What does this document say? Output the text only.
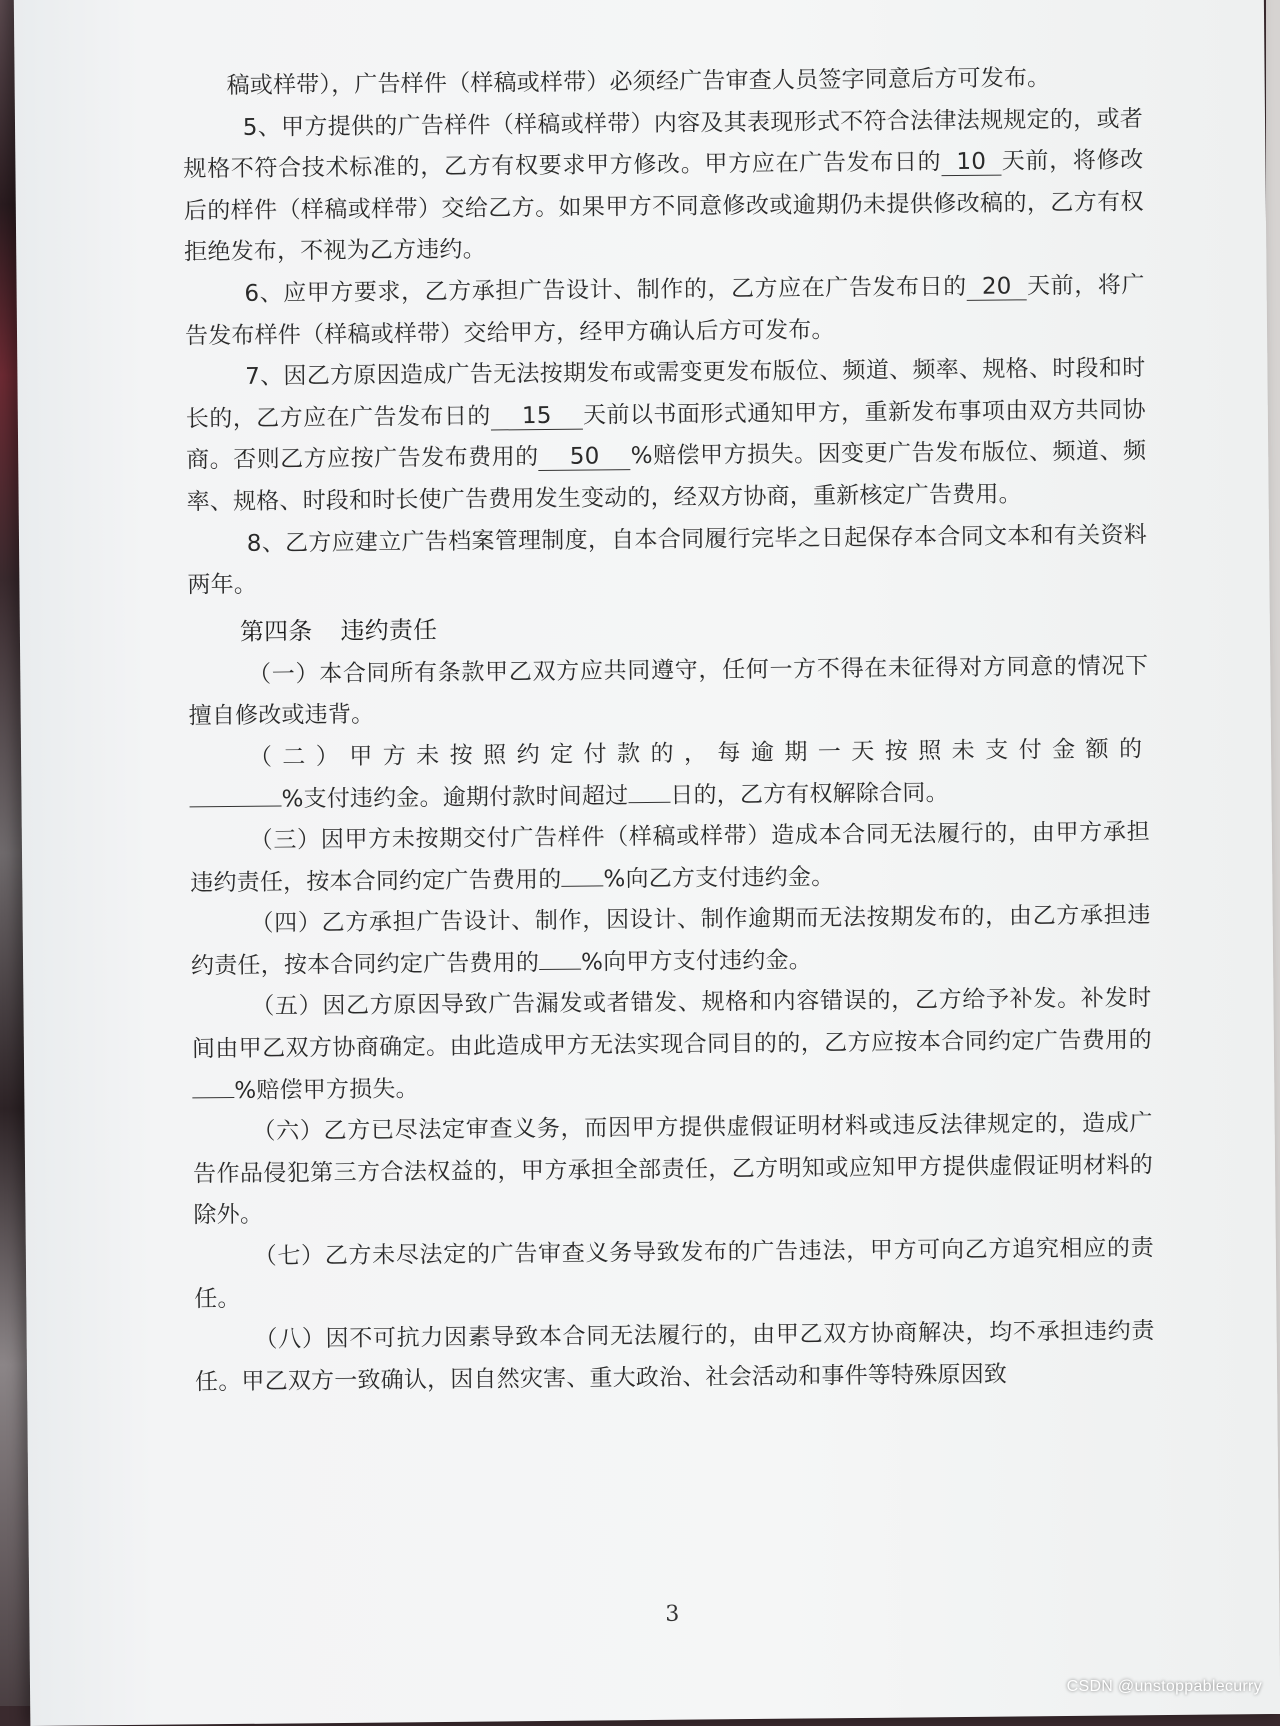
稿或样带），广告样件（样稿或样带）必须经广告审查人员签字同意后方可发布。

5、甲方提供的广告样件（样稿或样带）内容及其表现形式不符合法律法规规定的，或者规格不符合技术标准的，乙方有权要求甲方修改。甲方应在广告发布日的 10 天前，将修改后的样件（样稿或样带）交给乙方。如果甲方不同意修改或逾期仍未提供修改稿的，乙方有权拒绝发布，不视为乙方违约。

6、应甲方要求，乙方承担广告设计、制作的，乙方应在广告发布日的 20 天前，将广告发布样件（样稿或样带）交给甲方，经甲方确认后方可发布。

7、因乙方原因造成广告无法按期发布或需变更发布版位、频道、频率、规格、时段和时长的，乙方应在广告发布日的 15 天前以书面形式通知甲方，重新发布事项由双方共同协商。否则乙方应按广告发布费用的 50 %赔偿甲方损失。因变更广告发布版位、频道、频率、规格、时段和时长使广告费用发生变动的，经双方协商，重新核定广告费用。

8、乙方应建立广告档案管理制度，自本合同履行完毕之日起保存本合同文本和有关资料两年。

第四条 违约责任

（一）本合同所有条款甲乙双方应共同遵守，任何一方不得在未征得对方同意的情况下擅自修改或违背。

（二）甲方未按照约定付款的，每逾期一天按照未支付金额的%支付违约金。逾期付款时间超过 日的，乙方有权解除合同。

（三）因甲方未按期交付广告样件（样稿或样带）造成本合同无法履行的，由甲方承担违约责任，按本合同约定广告费用的 %向乙方支付违约金。

（四）乙方承担广告设计、制作，因设计、制作逾期而无法按期发布的，由乙方承担违约责任，按本合同约定广告费用的 %向甲方支付违约金。

（五）因乙方原因导致广告漏发或者错发、规格和内容错误的，乙方给予补发。补发时间由甲乙双方协商确定。由此造成甲方无法实现合同目的的，乙方应按本合同约定广告费用的%赔偿甲方损失。

（六）乙方已尽法定审查义务，而因甲方提供虚假证明材料或违反法律规定的，造成广告作品侵犯第三方合法权益的，甲方承担全部责任，乙方明知或应知甲方提供虚假证明材料的除外。

（七）乙方未尽法定的广告审查义务导致发布的广告违法，甲方可向乙方追究相应的责任。

（八）因不可抗力因素导致本合同无法履行的，由甲乙双方协商解决，均不承担违约责任。甲乙双方一致确认，因自然灾害、重大政治、社会活动和事件等特殊原因致

3
CSDN @unstoppablecurry
